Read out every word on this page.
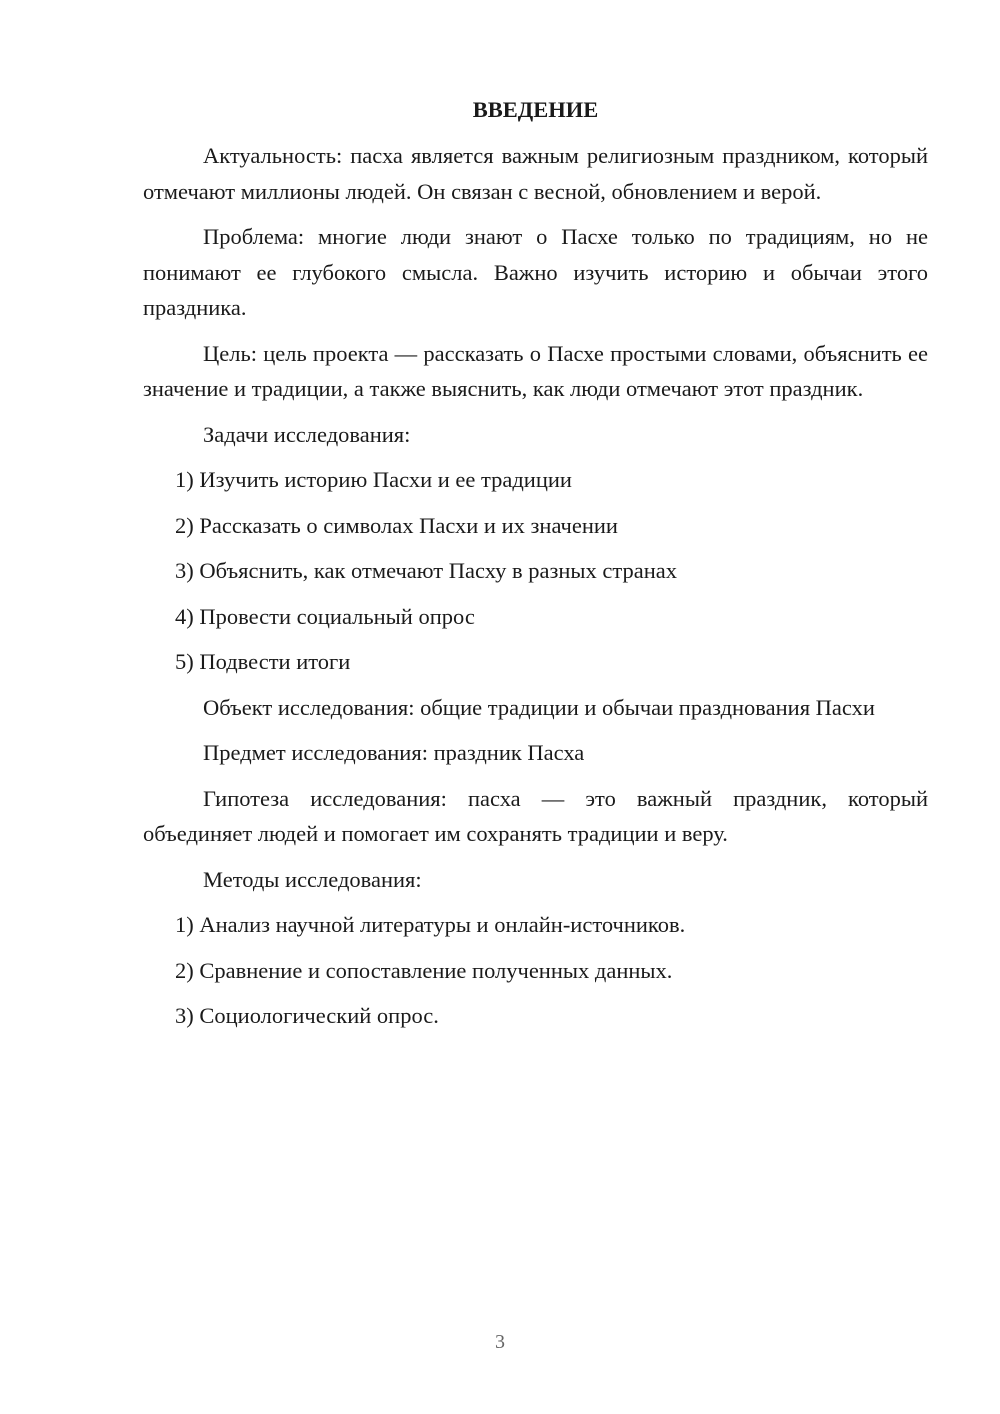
ВВЕДЕНИЕ

Актуальность: пасха является важным религиозным праздником, который отмечают миллионы людей. Он связан с весной, обновлением и верой.

Проблема: многие люди знают о Пасхе только по традициям, но не понимают ее глубокого смысла. Важно изучить историю и обычаи этого праздника.

Цель: цель проекта — рассказать о Пасхе простыми словами, объяснить ее значение и традиции, а также выяснить, как люди отмечают этот праздник.

Задачи исследования:

1) Изучить историю Пасхи и ее традиции
2) Рассказать о символах Пасхи и их значении
3) Объяснить, как отмечают Пасху в разных странах
4) Провести социальный опрос
5) Подвести итоги

Объект исследования: общие традиции и обычаи празднования Пасхи

Предмет исследования: праздник Пасха

Гипотеза исследования: пасха — это важный праздник, который объединяет людей и помогает им сохранять традиции и веру.

Методы исследования:

1) Анализ научной литературы и онлайн-источников.
2) Сравнение и сопоставление полученных данных.
3) Социологический опрос.
3
